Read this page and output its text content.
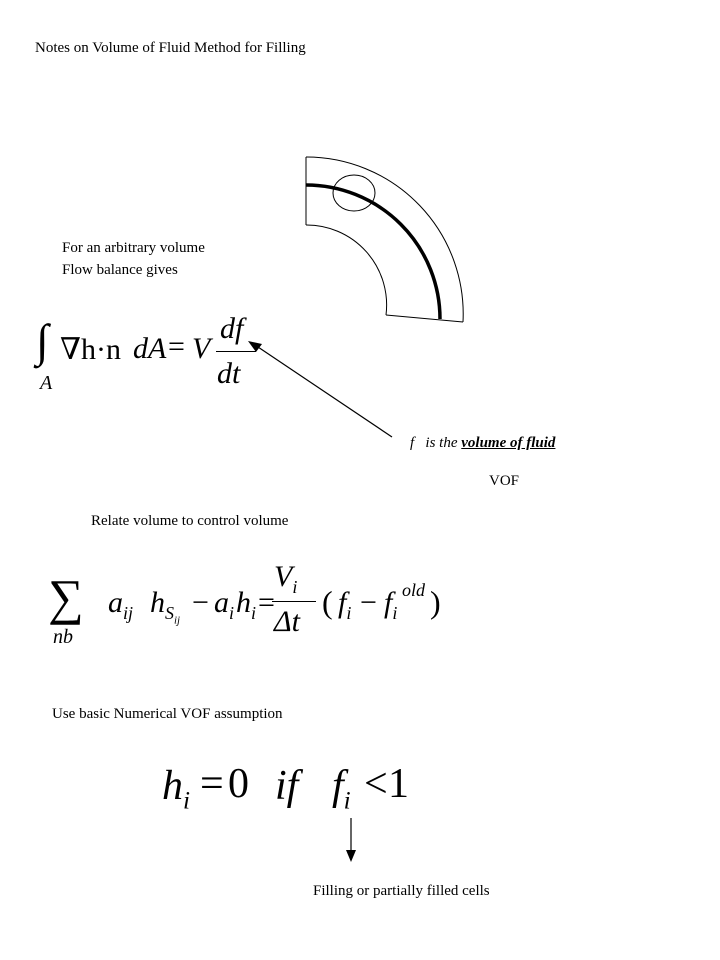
Notes on Volume of Fluid Method for Filling
For an arbitrary volume
Flow balance gives
∫
A
∇h·n dA = V
df
dt
f is the volume of fluid
VOF
Relate volume to control volume
∑
nb
$a_{ij}$ $h_{S_{ij}}$
− $a_i$ $h_i$ =
$V_i$
Δt
( $f_i - f_i$
old )
Use basic Numerical VOF assumption
$h_i = 0$ if $f_i < 1$
Filling or partially filled cells
